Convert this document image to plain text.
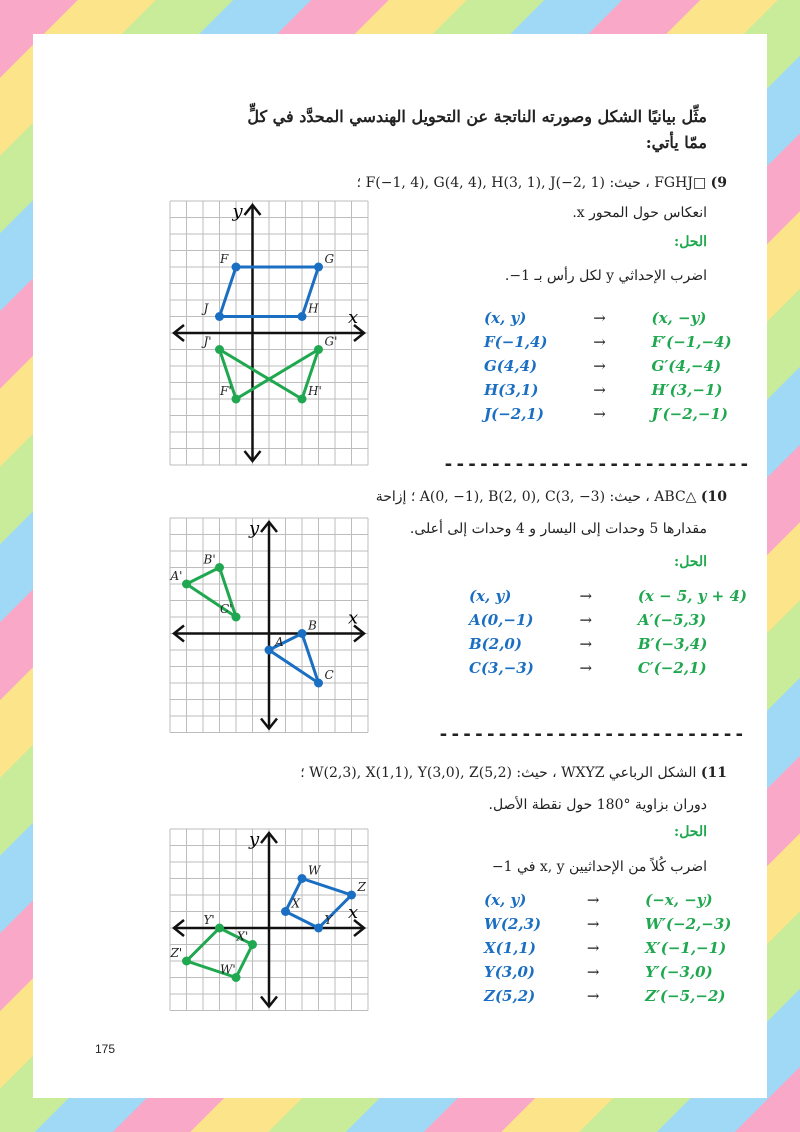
مثِّل بيانيًا الشكل وصورته الناتجة عن التحويل الهندسي المحدَّد في كلٍّ ممّا يأتي:
9) □FGHJ ، حيث: F(−1, 4), G(4, 4), H(3, 1), J(−2, 1) ؛
انعكاس حول المحور x.
الحل:
اضرب الإحداثي y لكل رأس بـ 1−.
x
y
F	G
H
J
F'
G'
H'
J'
(x, y)	→	(x, −y)
F(−1,4)	→	F′(−1,−4)
G(4,4)	→	G′(4,−4)
H(3,1)	→	H′(3,−1)
J(−2,1)	→	J′(−2,−1)
--------------------------
10) △ABC ، حيث: A(0, −1), B(2, 0), C(3, −3) ؛ إزاحة
مقدارها 5 وحدات إلى اليسار و 4 وحدات إلى أعلى.
الحل:
x
y
A
B
C
A'
B'
C'
(x, y)	→	(x − 5, y + 4)
A(0,−1)	→	A′(−5,3)
B(2,0)	→	B′(−3,4)
C(3,−3)	→	C′(−2,1)
--------------------------
11) الشكل الرباعي WXYZ ، حيث: W(2,3), X(1,1), Y(3,0), Z(5,2) ؛
دوران بزاوية °180 حول نقطة الأصل.
الحل:
اضرب كُلاً من الإحداثيين x, y في 1−
x
y
W
Z
Y
X
W'
Z'
Y'
X'
(x, y)	→	(−x, −y)
W(2,3)	→	W′(−2,−3)
X(1,1)	→	X′(−1,−1)
Y(3,0)	→	Y′(−3,0)
Z(5,2)	→	Z′(−5,−2)
175
